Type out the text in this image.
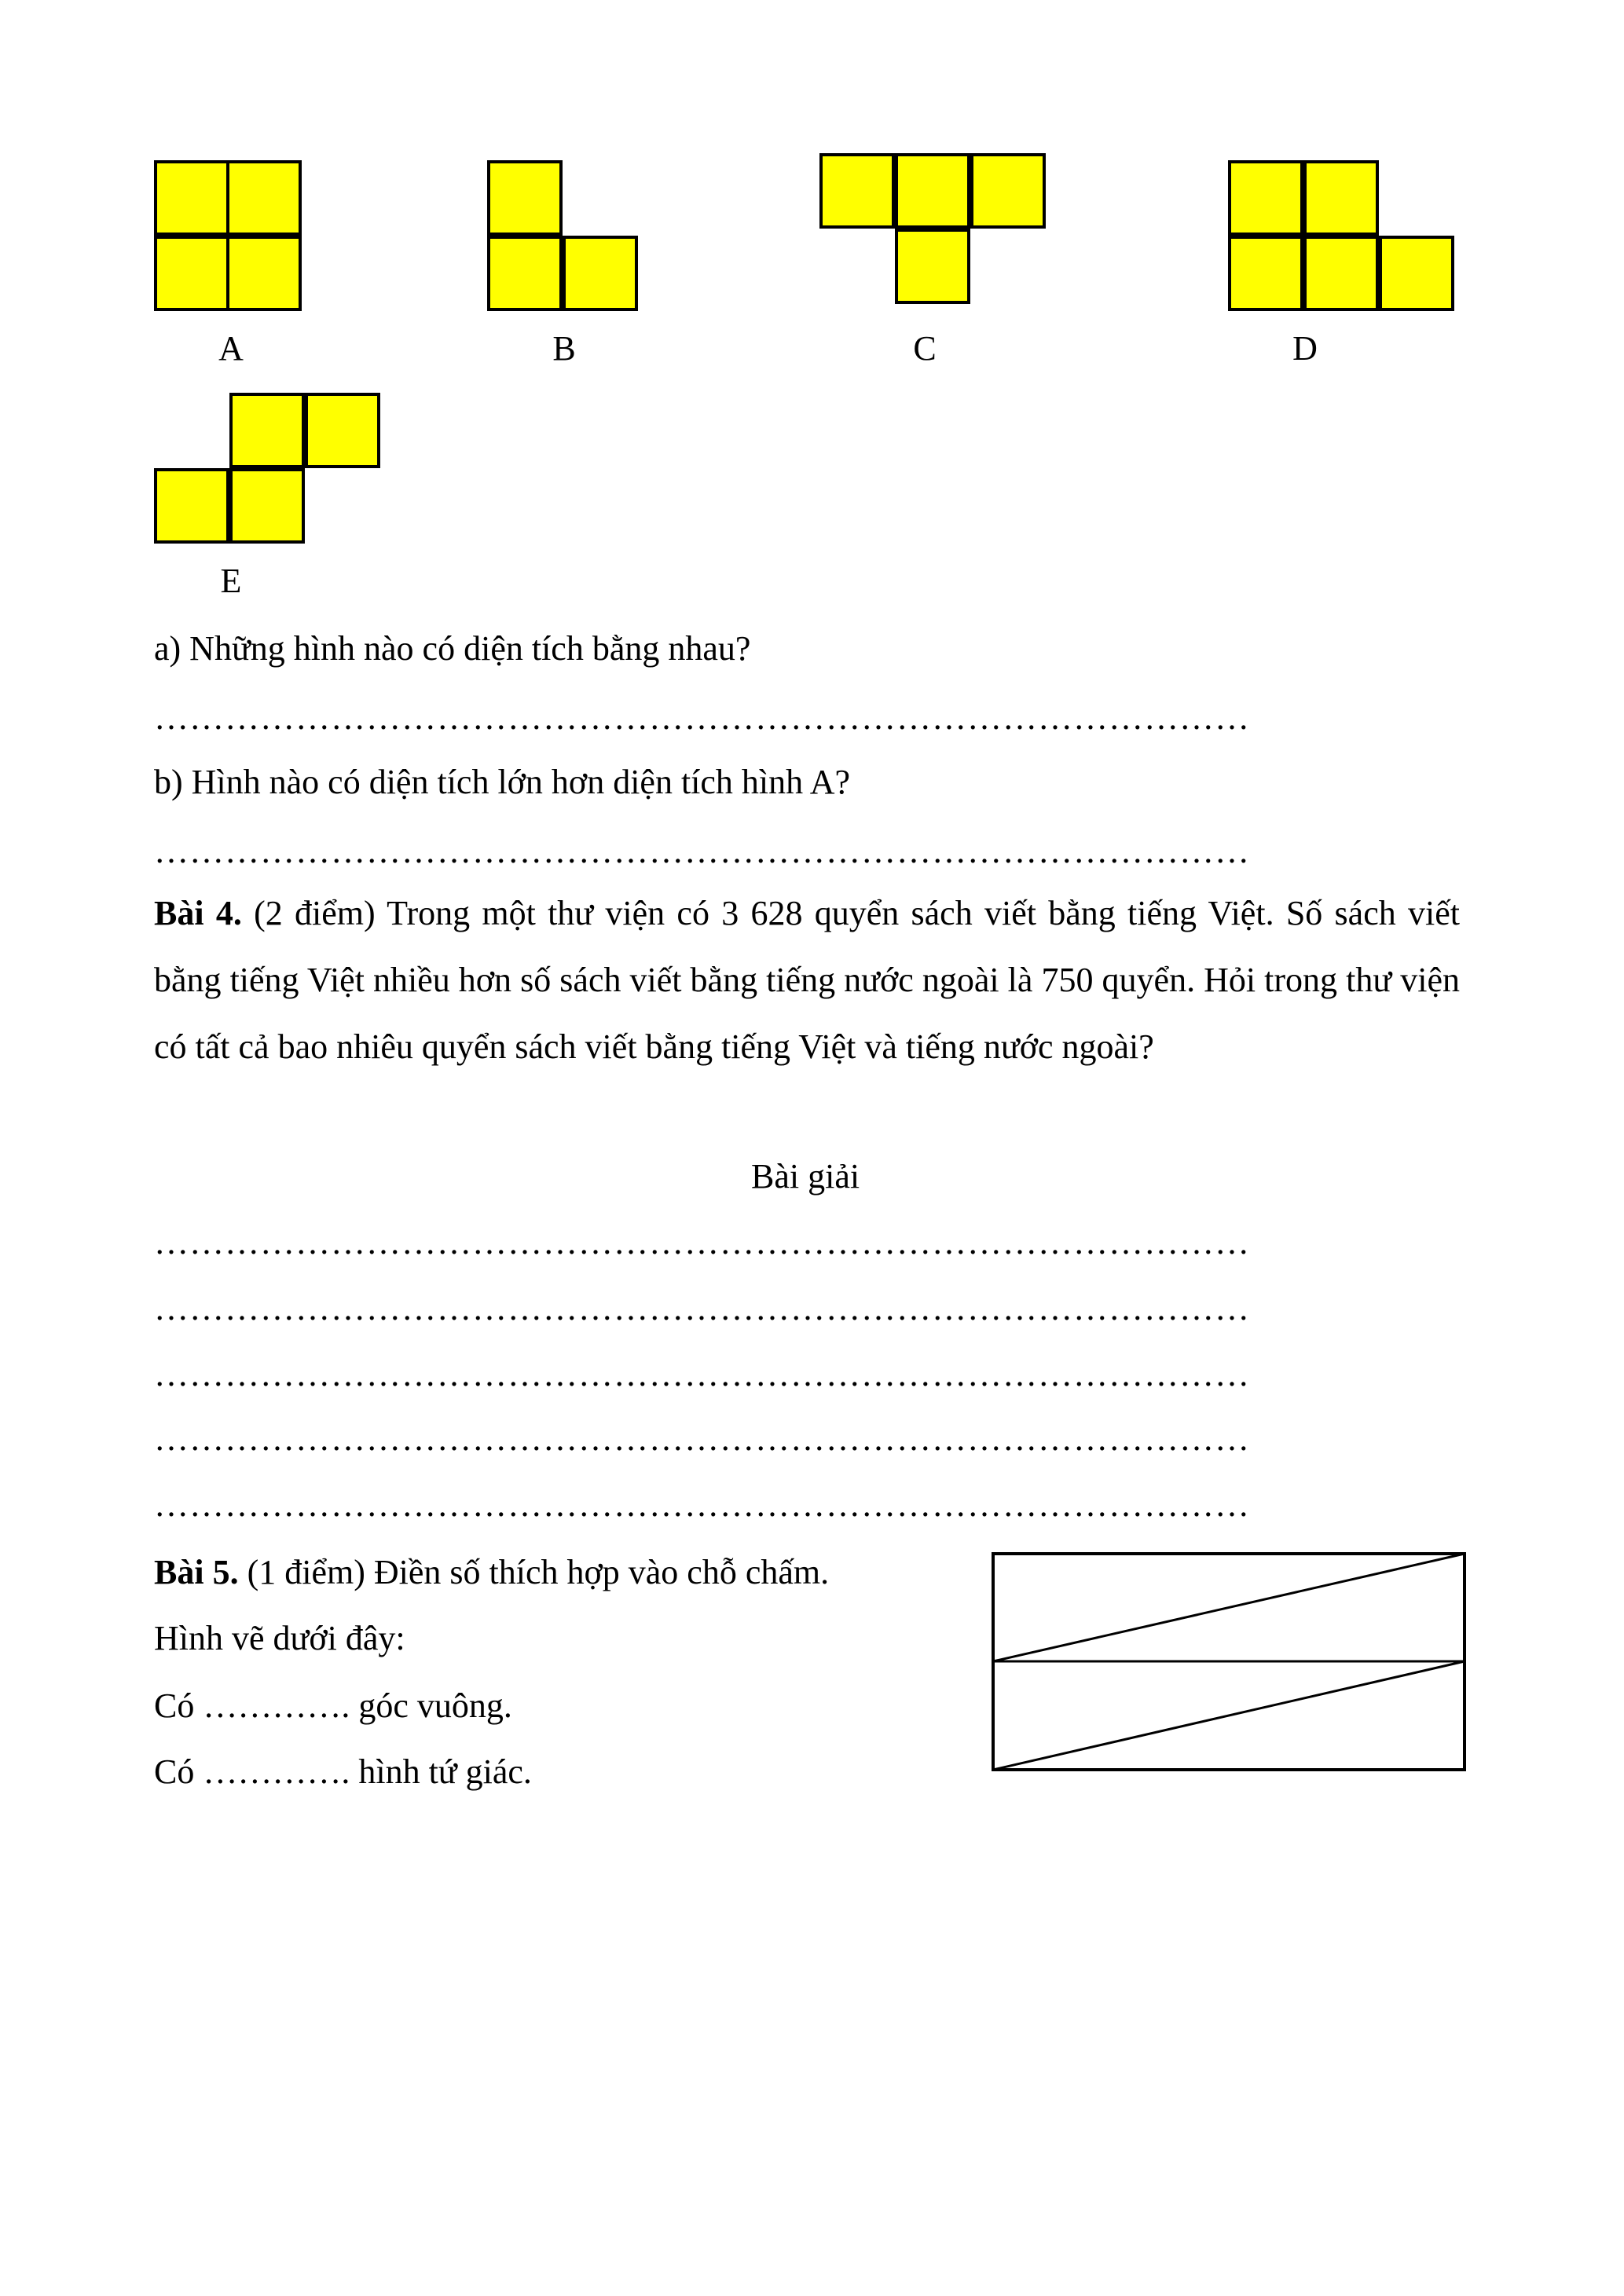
A	B	C	D
E
a) Những hình nào có diện tích bằng nhau?
…………………………………………………………………………………
b) Hình nào có diện tích lớn hơn diện tích hình A?
…………………………………………………………………………………
Bài 4. (2 điểm) Trong một thư viện có 3 628 quyển sách viết bằng tiếng Việt. Số sách viết bằng tiếng Việt nhiều hơn số sách viết bằng tiếng nước ngoài là 750 quyển. Hỏi trong thư viện có tất cả bao nhiêu quyển sách viết bằng tiếng Việt và tiếng nước ngoài?
Bài giải
…………………………………………………………………………………
…………………………………………………………………………………
…………………………………………………………………………………
…………………………………………………………………………………
…………………………………………………………………………………
Bài 5. (1 điểm) Điền số thích hợp vào chỗ chấm.
Hình vẽ dưới đây:
Có …………. góc vuông.
Có …………. hình tứ giác.
